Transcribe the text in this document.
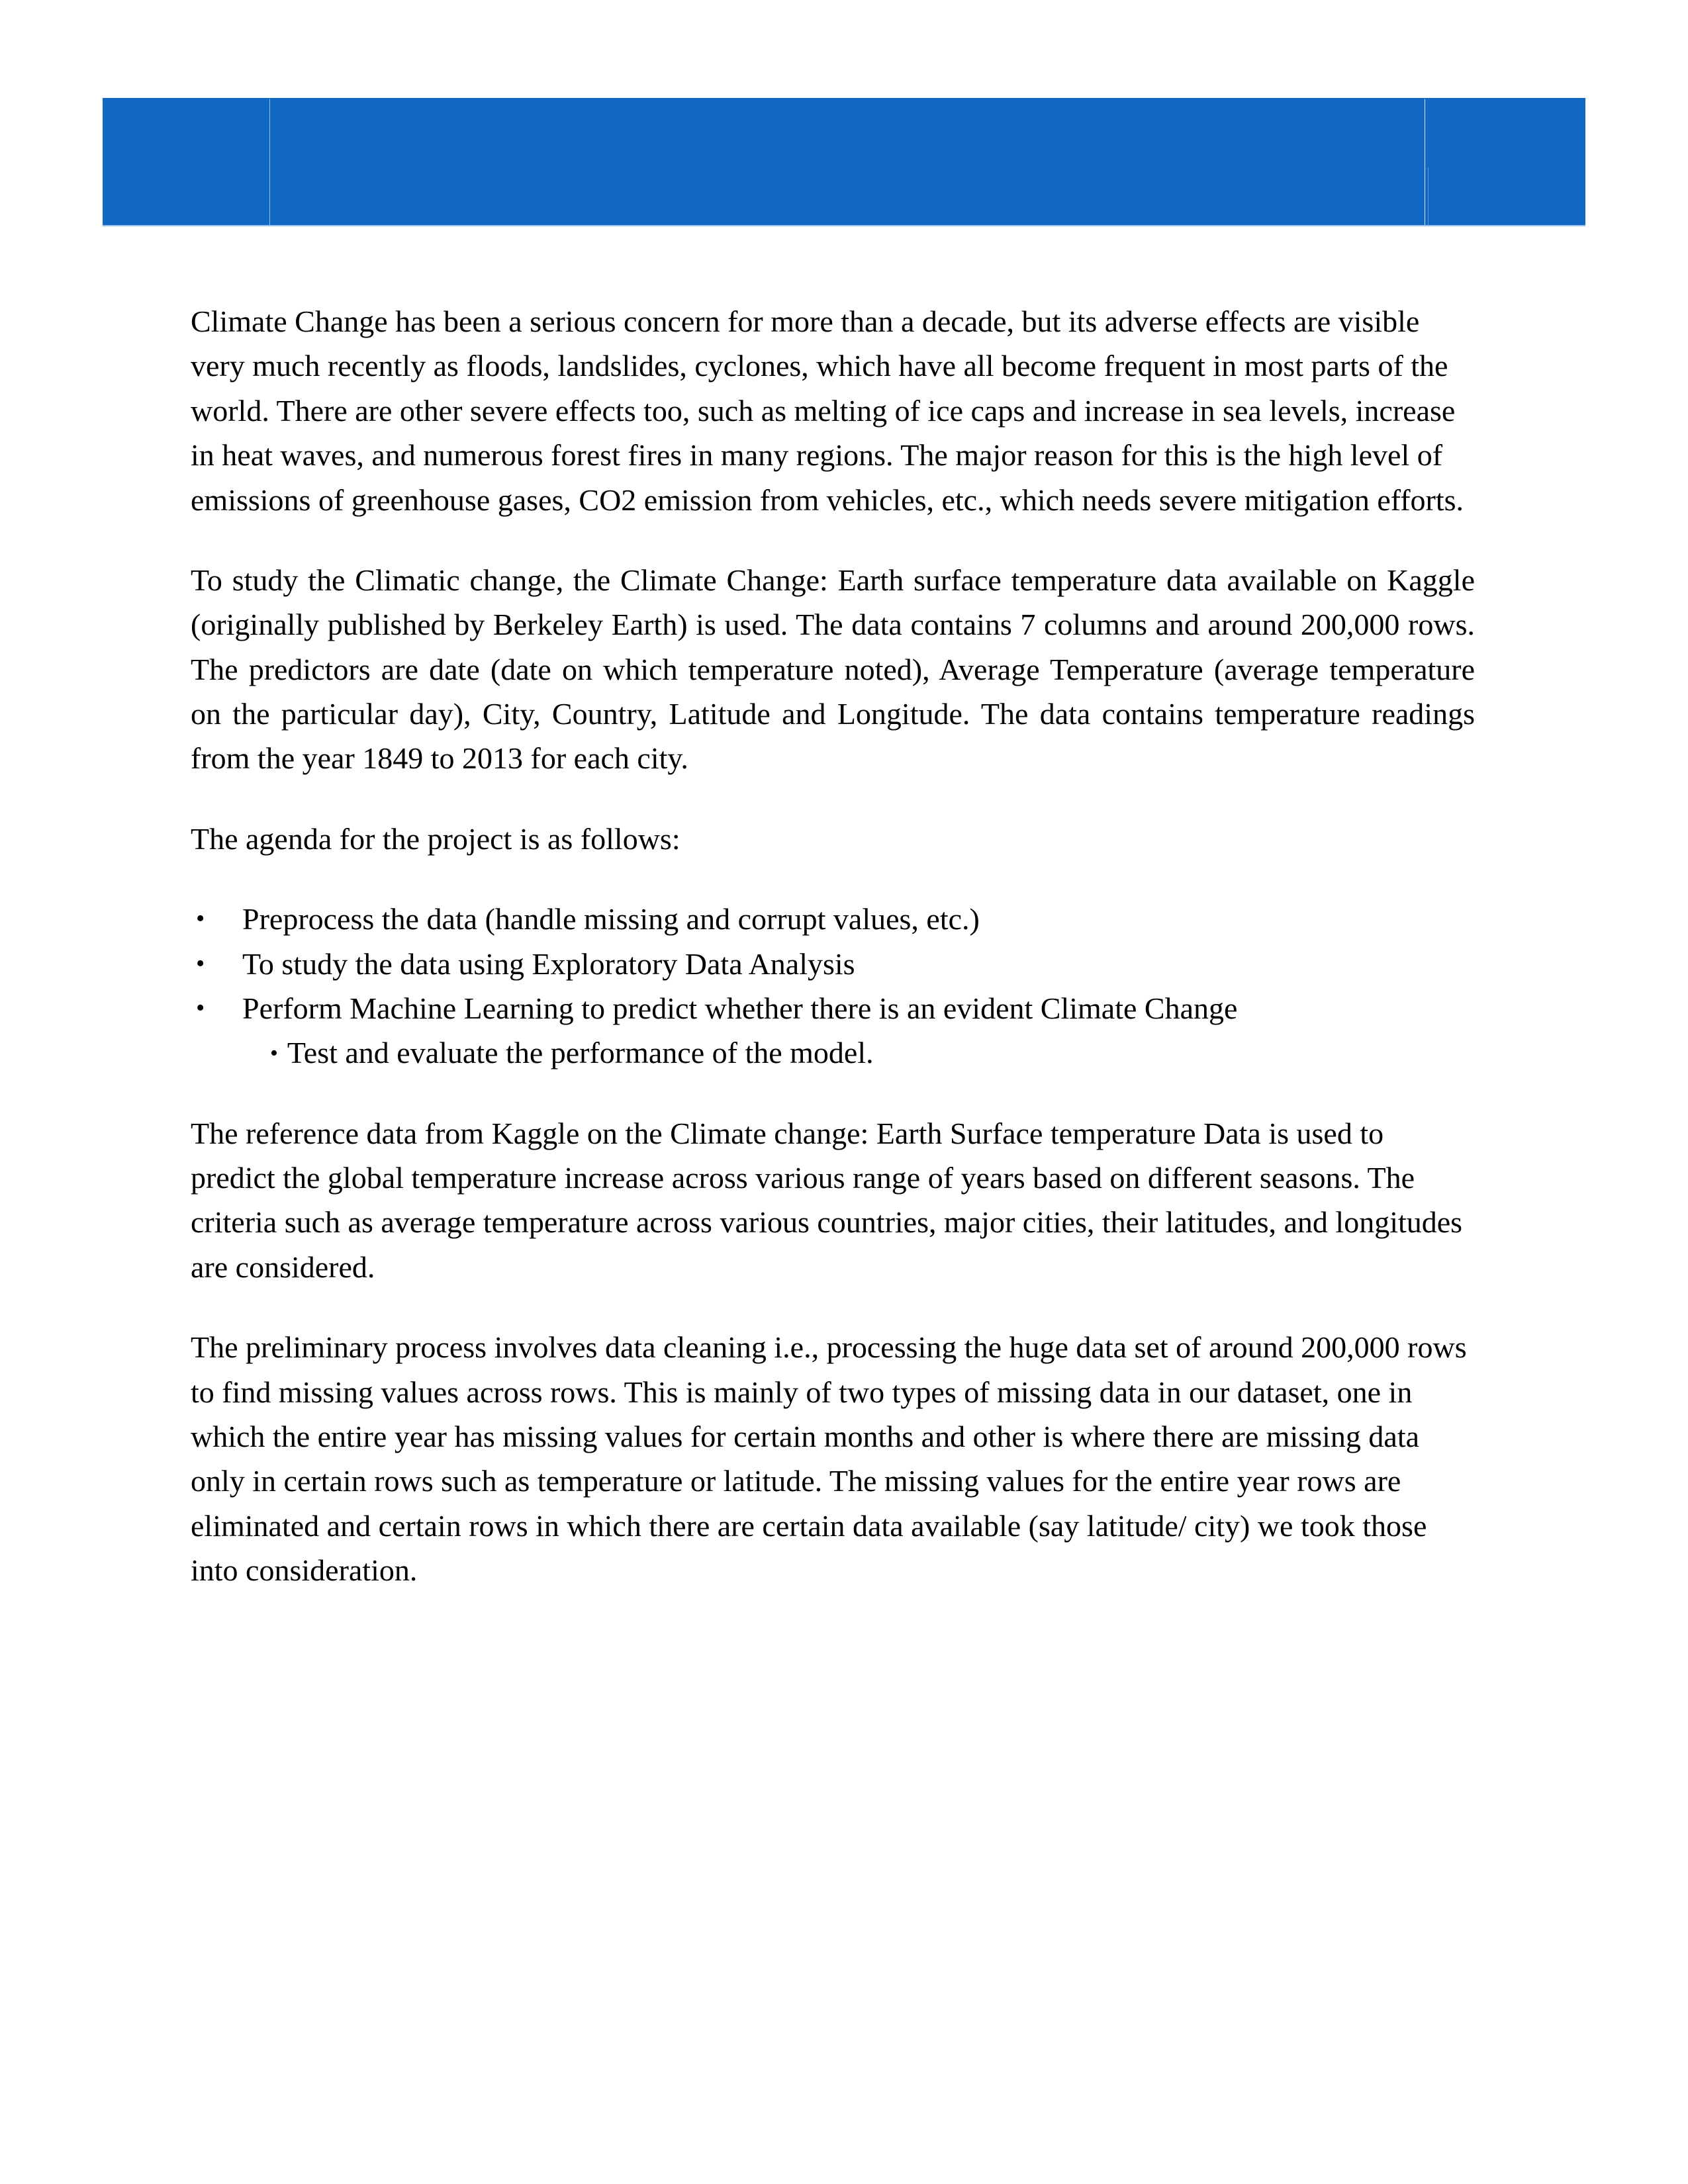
Climate Change has been a serious concern for more than a decade, but its adverse effects are visible very much recently as floods, landslides, cyclones, which have all become frequent in most parts of the world. There are other severe effects too, such as melting of ice caps and increase in sea levels, increase in heat waves, and numerous forest fires in many regions. The major reason for this is the high level of emissions of greenhouse gases, CO2 emission from vehicles, etc., which needs severe mitigation efforts.

To study the Climatic change, the Climate Change: Earth surface temperature data available on Kaggle (originally published by Berkeley Earth) is used. The data contains 7 columns and around 200,000 rows. The predictors are date (date on which temperature noted), Average Temperature (average temperature on the particular day), City, Country, Latitude and Longitude. The data contains temperature readings from the year 1849 to 2013 for each city.

The agenda for the project is as follows:

• Preprocess the data (handle missing and corrupt values, etc.)
• To study the data using Exploratory Data Analysis
• Perform Machine Learning to predict whether there is an evident Climate Change
• Test and evaluate the performance of the model.

The reference data from Kaggle on the Climate change: Earth Surface temperature Data is used to predict the global temperature increase across various range of years based on different seasons. The criteria such as average temperature across various countries, major cities, their latitudes, and longitudes are considered.

The preliminary process involves data cleaning i.e., processing the huge data set of around 200,000 rows to find missing values across rows. This is mainly of two types of missing data in our dataset, one in which the entire year has missing values for certain months and other is where there are missing data only in certain rows such as temperature or latitude. The missing values for the entire year rows are eliminated and certain rows in which there are certain data available (say latitude/ city) we took those into consideration.
